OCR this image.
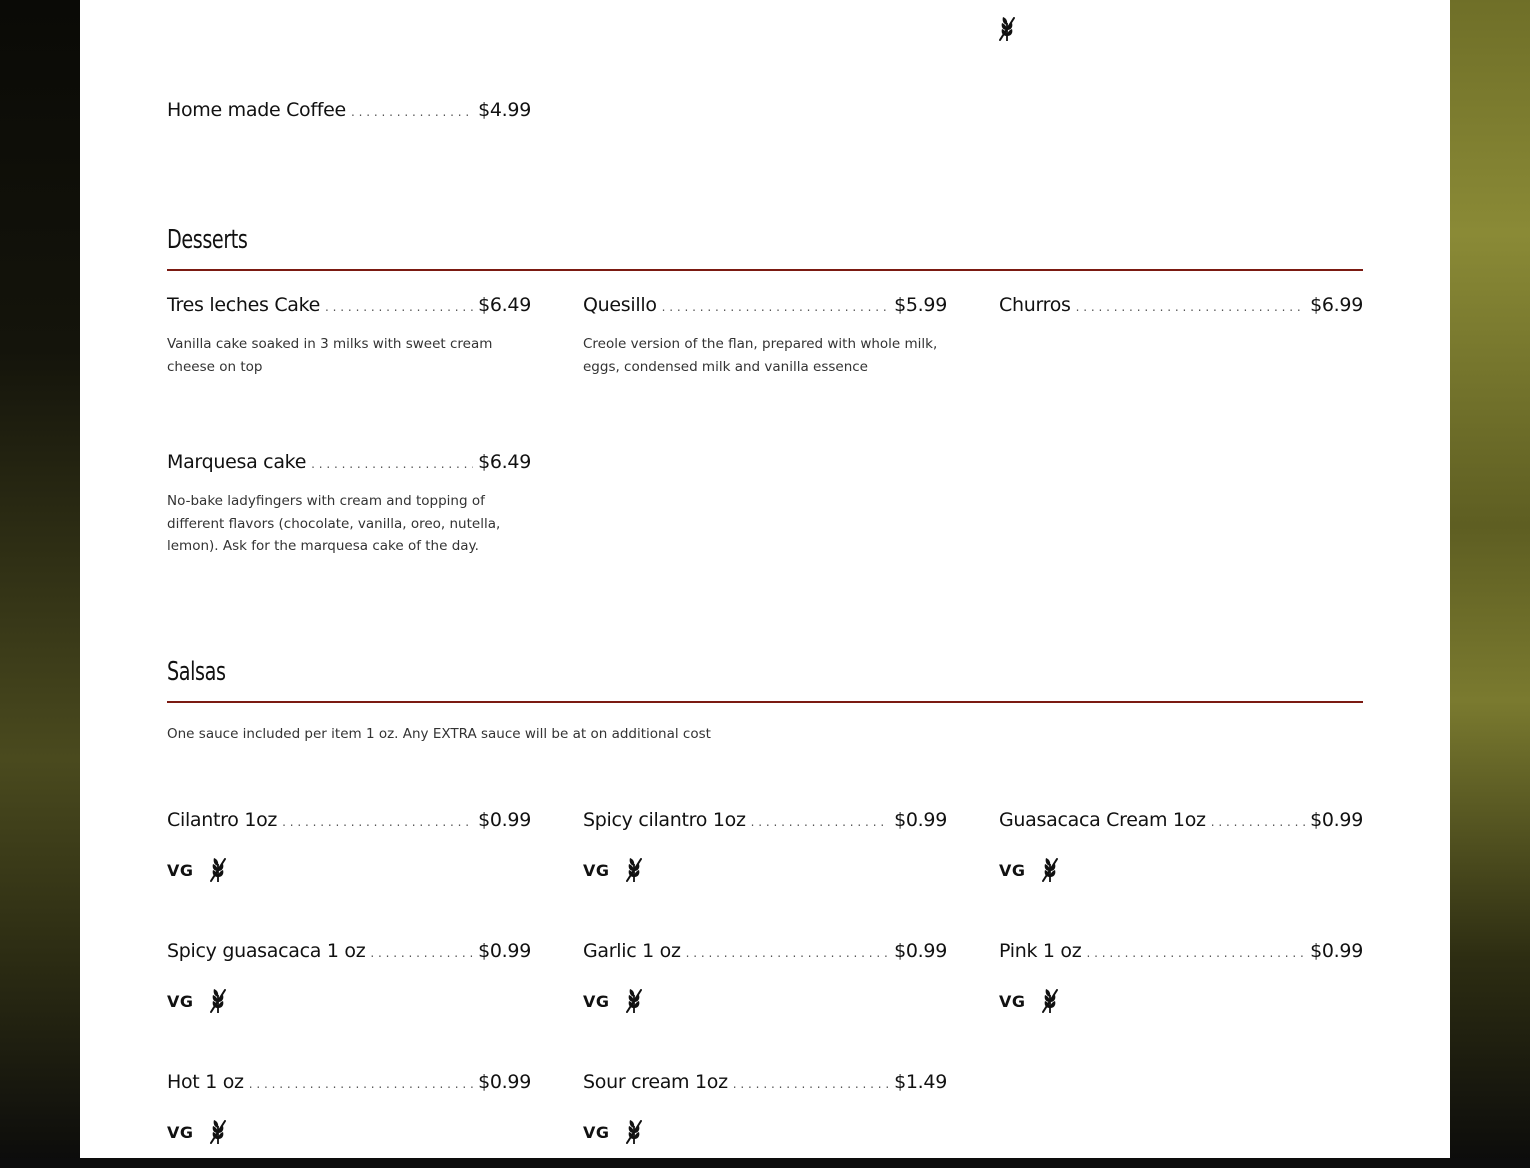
Home made Coffee . . .	$4.99
Desserts
Tres leches Cake . . .	$6.49
Vanilla cake soaked in 3 milks with sweet cream cheese on top
Quesillo . . .	$5.99
Creole version of the flan, prepared with whole milk, eggs, condensed milk and vanilla essence
Churros . . .	$6.99
Marquesa cake . . .	$6.49
No-bake ladyfingers with cream and topping of different flavors (chocolate, vanilla, oreo, nutella, lemon). Ask for the marquesa cake of the day.
Salsas
One sauce included per item 1 oz. Any EXTRA sauce will be at on additional cost
Cilantro 1oz . . .	$0.99
VG
Spicy cilantro 1oz . . .	$0.99
VG
Guasacaca Cream 1oz . . .	$0.99
VG
Spicy guasacaca 1 oz . . .	$0.99
VG
Garlic 1 oz . . .	$0.99
VG
Pink 1 oz . . .	$0.99
VG
Hot 1 oz . . .	$0.99
VG
Sour cream 1oz . . .	$1.49
VG
